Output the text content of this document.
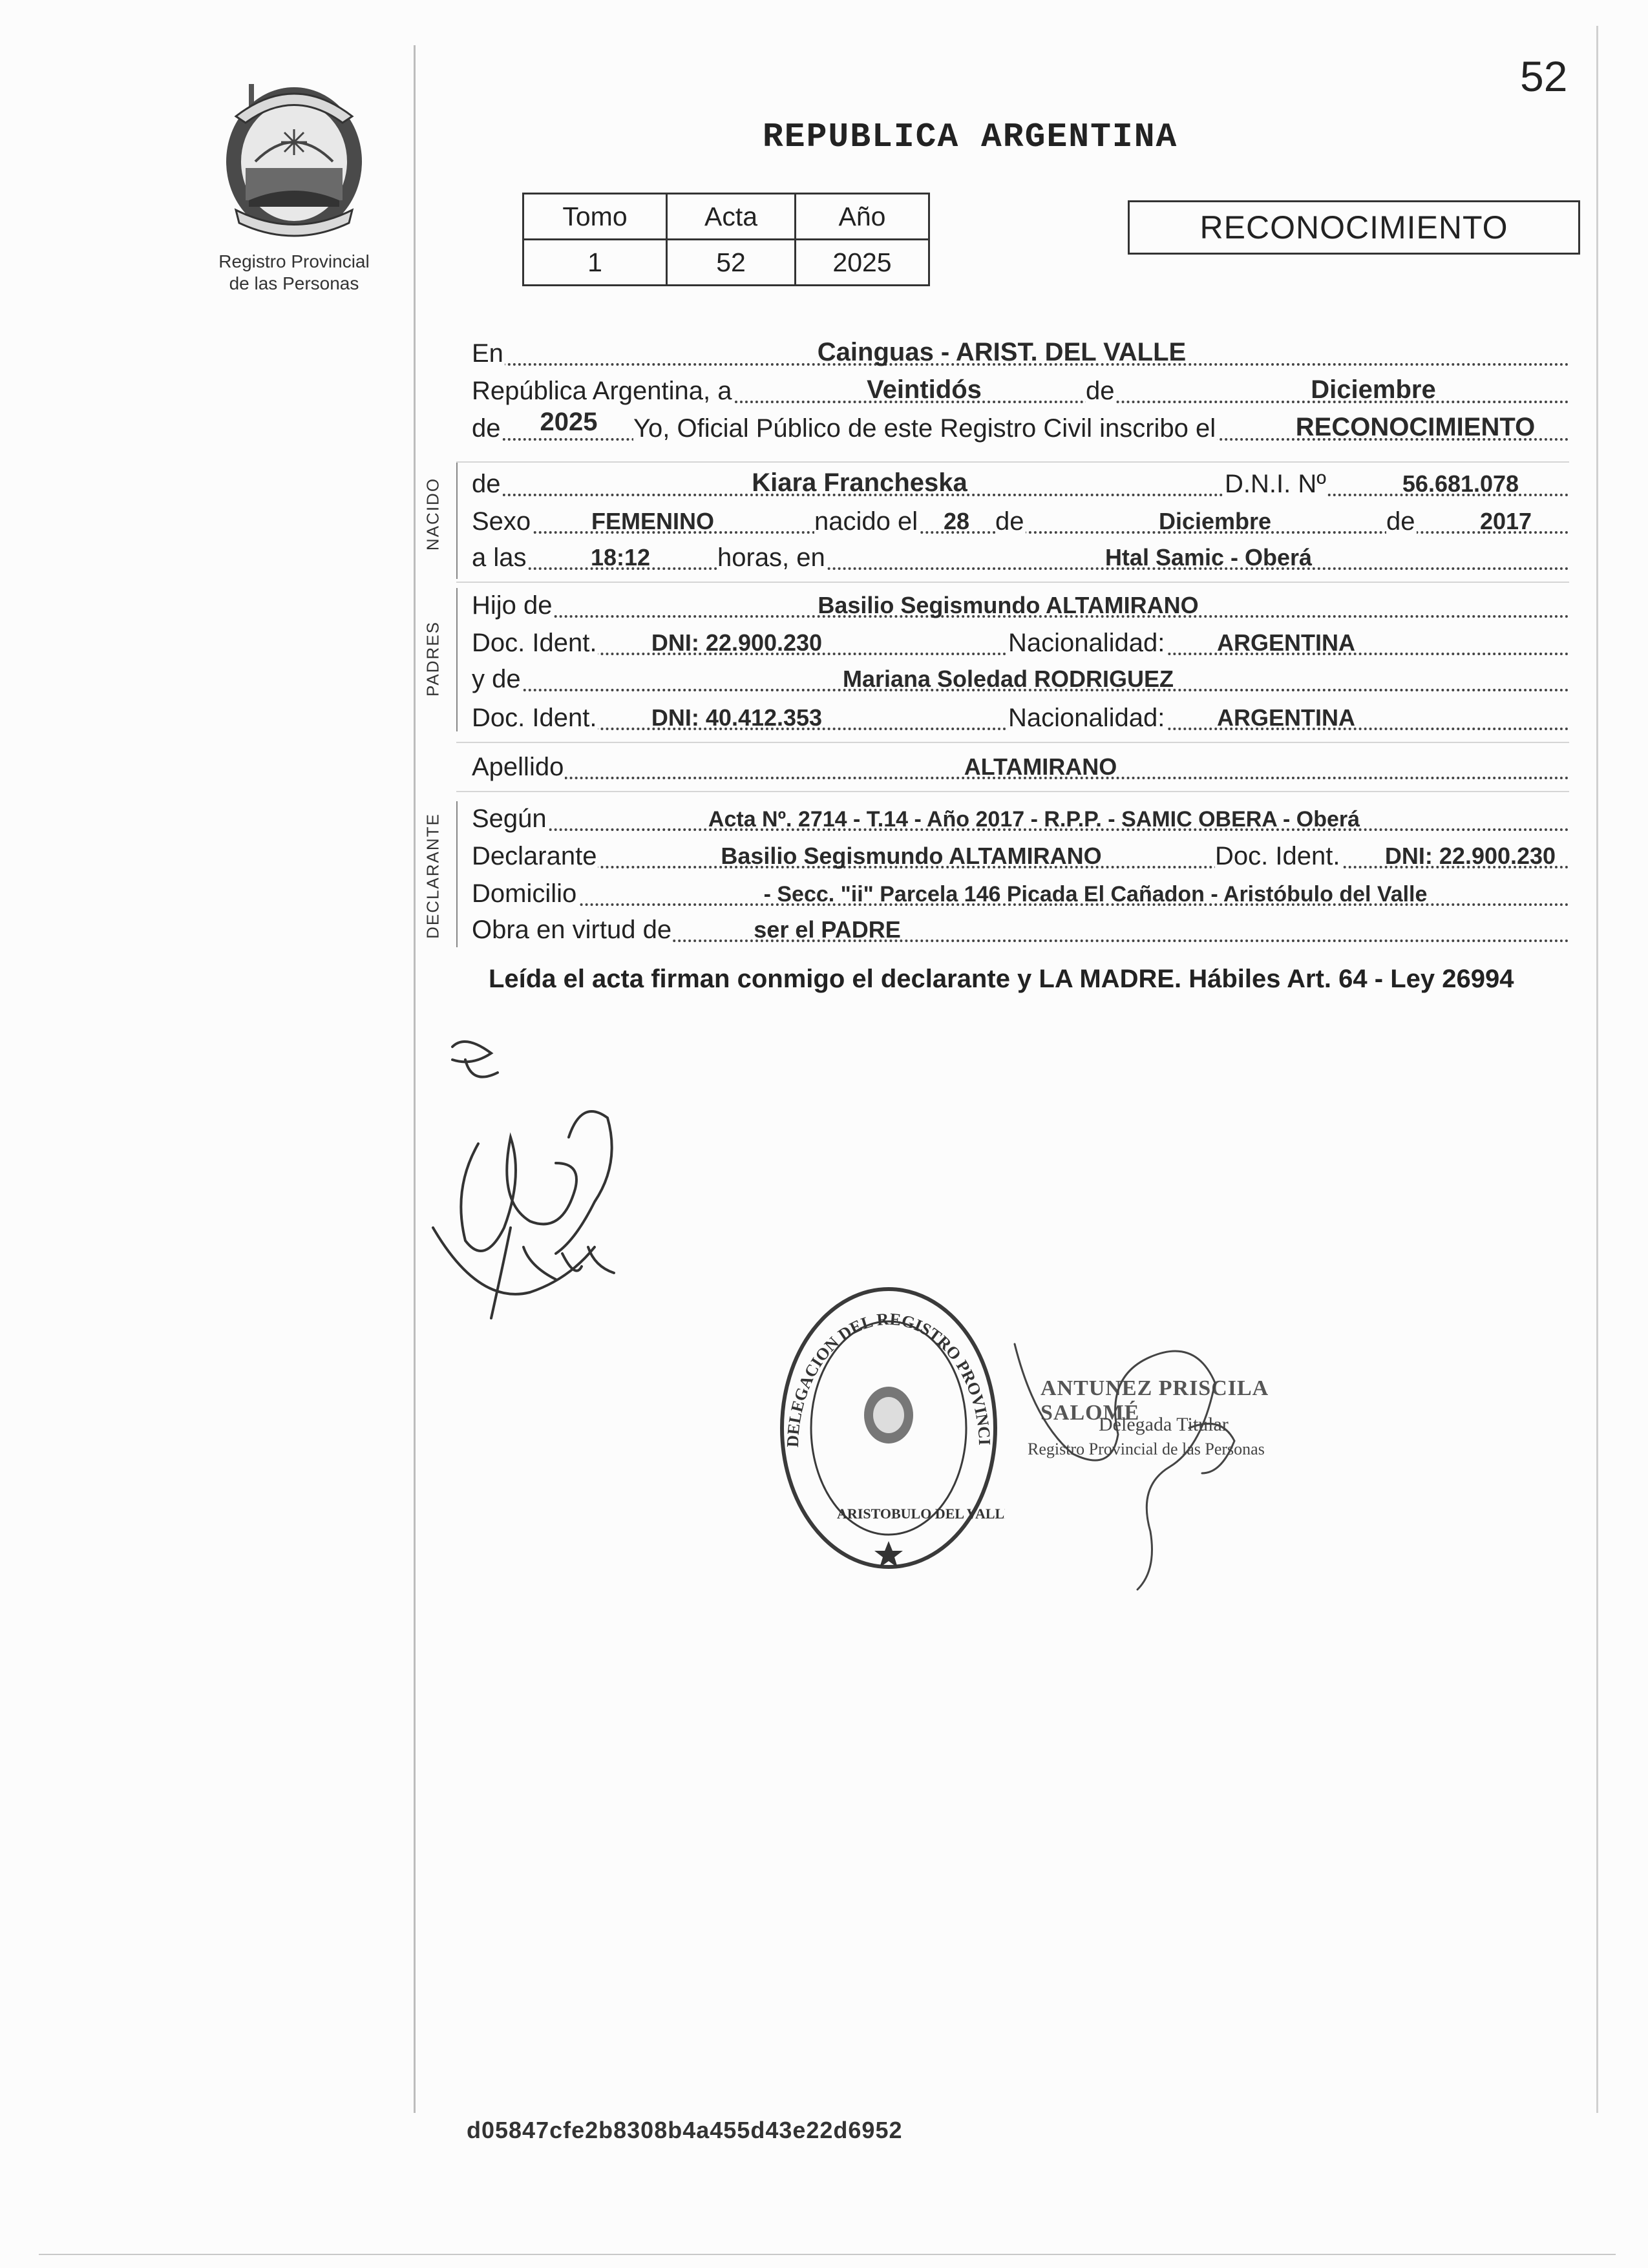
52
REPUBLICA ARGENTINA
Registro Provincial
de las Personas
Tomo	Acta	Año
1	52	2025
RECONOCIMIENTO
En	Cainguas - ARIST. DEL VALLE
República Argentina, a	Veintidós	de	Diciembre
de	2025	Yo, Oficial Público de este Registro Civil inscribo el	RECONOCIMIENTO
NACIDO de	Kiara Francheska	D.N.I. Nº	56.681.078
Sexo	FEMENINO	nacido el	28 de	Diciembre	de	2017
a las	18:12	horas, en	Htal Samic - Oberá
PADRES
Hijo de	Basilio Segismundo ALTAMIRANO
Doc. Ident.	DNI: 22.900.230	Nacionalidad:	ARGENTINA
y de	Mariana Soledad RODRIGUEZ
Doc. Ident.	DNI: 40.412.353	Nacionalidad:	ARGENTINA
Apellido	ALTAMIRANO
DECLARANTE Según	Acta Nº. 2714 - T.14 - Año 2017 - R.P.P. - SAMIC OBERA - Oberá
Declarante	Basilio Segismundo ALTAMIRANO	Doc. Ident.	DNI: 22.900.230
Domicilio	- Secc. "ii" Parcela 146 Picada El Cañadon - Aristóbulo del Valle
Obra en virtud de	ser el PADRE
Leída el acta firman conmigo el declarante y LA MADRE. Hábiles Art. 64 - Ley 26994
DELEGACION DEL REGISTRO PROVINCI
ARISTOBULO DEL VALLE
ANTUNEZ PRISCILA SALOMÉ
Delegada Titular
Registro Provincial de las Personas
d05847cfe2b8308b4a455d43e22d6952
